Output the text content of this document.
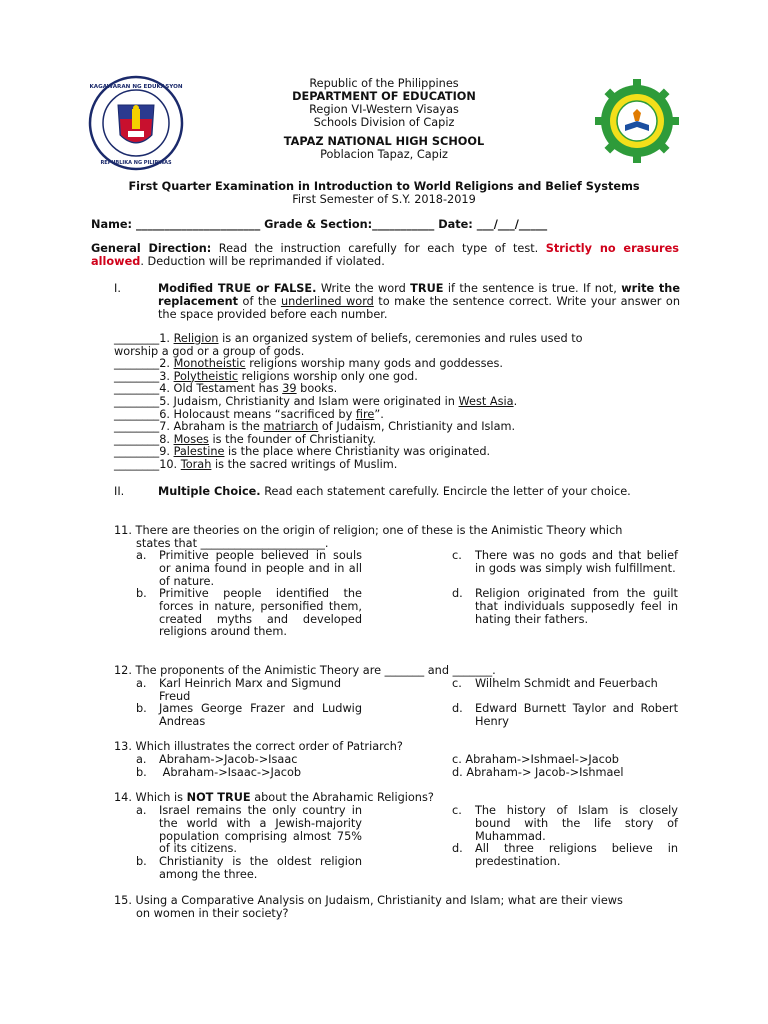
KAGAWARAN NG EDUKASYON
REPUBLIKA NG PILIPINAS
Republic of the Philippines
DEPARTMENT OF EDUCATION
Region VI-Western Visayas
Schools Division of Capiz
TAPAZ NATIONAL HIGH SCHOOL
Poblacion Tapaz, Capiz
First Quarter Examination in Introduction to World Religions and Belief Systems
First Semester of S.Y. 2018-2019
Name: ______________________ Grade & Section:___________ Date: ___/___/_____
General Direction: Read the instruction carefully for each type of test. Strictly no erasures allowed. Deduction will be reprimanded if violated.
I.	Modified TRUE or FALSE. Write the word TRUE if the sentence is true. If not, write the replacement of the underlined word to make the sentence correct. Write your answer on the space provided before each number.
________1. Religion is an organized system of beliefs, ceremonies and rules used to
worship a god or a group of gods.
________2. Monotheistic religions worship many gods and goddesses.
________3. Polytheistic religions worship only one god.
________4. Old Testament has 39 books.
________5. Judaism, Christianity and Islam were originated in West Asia.
________6. Holocaust means “sacrificed by fire”.
________7. Abraham is the matriarch of Judaism, Christianity and Islam.
________8. Moses is the founder of Christianity.
________9. Palestine is the place where Christianity was originated.
________10. Torah is the sacred writings of Muslim.
II.	Multiple Choice. Read each statement carefully. Encircle the letter of your choice.
11. There are theories on the origin of religion; one of these is the Animistic Theory which
states that ______________________.
a. Primitive people believed in souls or anima found in people and in all of nature.
b. Primitive people identified the forces in nature, personified them, created myths and developed religions around them.
c. There was no gods and that belief in gods was simply wish fulfillment.
d. Religion originated from the guilt that individuals supposedly feel in hating their fathers.
12. The proponents of the Animistic Theory are _______ and _______.
a. Karl Heinrich Marx and Sigmund Freud
b. James George Frazer and Ludwig Andreas
c. Wilhelm Schmidt and Feuerbach
d. Edward Burnett Taylor and Robert Henry
13. Which illustrates the correct order of Patriarch?
a. Abraham->Jacob->Isaac
b. Abraham->Isaac->Jacob
c. Abraham->Ishmael->Jacob
d. Abraham-> Jacob->Ishmael
14. Which is NOT TRUE about the Abrahamic Religions?
a. Israel remains the only country in the world with a Jewish-majority population comprising almost 75% of its citizens.
b. Christianity is the oldest religion among the three.
c. The history of Islam is closely bound with the life story of Muhammad.
d. All three religions believe in predestination.
15. Using a Comparative Analysis on Judaism, Christianity and Islam; what are their views
on women in their society?
